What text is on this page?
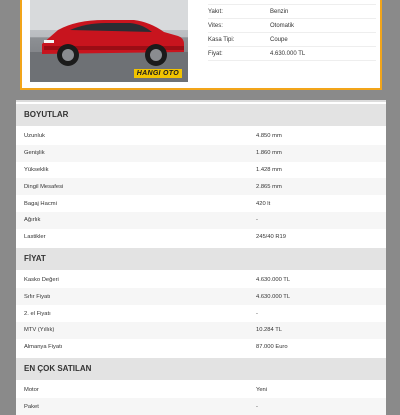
HANGI OTO
Yakıt:	Benzin
Vites:	Otomatik
Kasa Tipi:	Coupe
Fiyat:	4.630.000 TL
BOYUTLAR
Uzunluk	4.850 mm
Genişlik	1.860 mm
Yükseklik	1.428 mm
Dingil Mesafesi	2.865 mm
Bagaj Hacmi	420 lt
Ağırlık	-
Lastikler	245/40 R19
FİYAT
Kasko Değeri	4.630.000 TL
Sıfır Fiyatı	4.630.000 TL
2. el Fiyatı	-
MTV (Yıllık)	10.284 TL
Almanya Fiyatı	87.000 Euro
EN ÇOK SATILAN
Motor	Yeni
Paket	-
